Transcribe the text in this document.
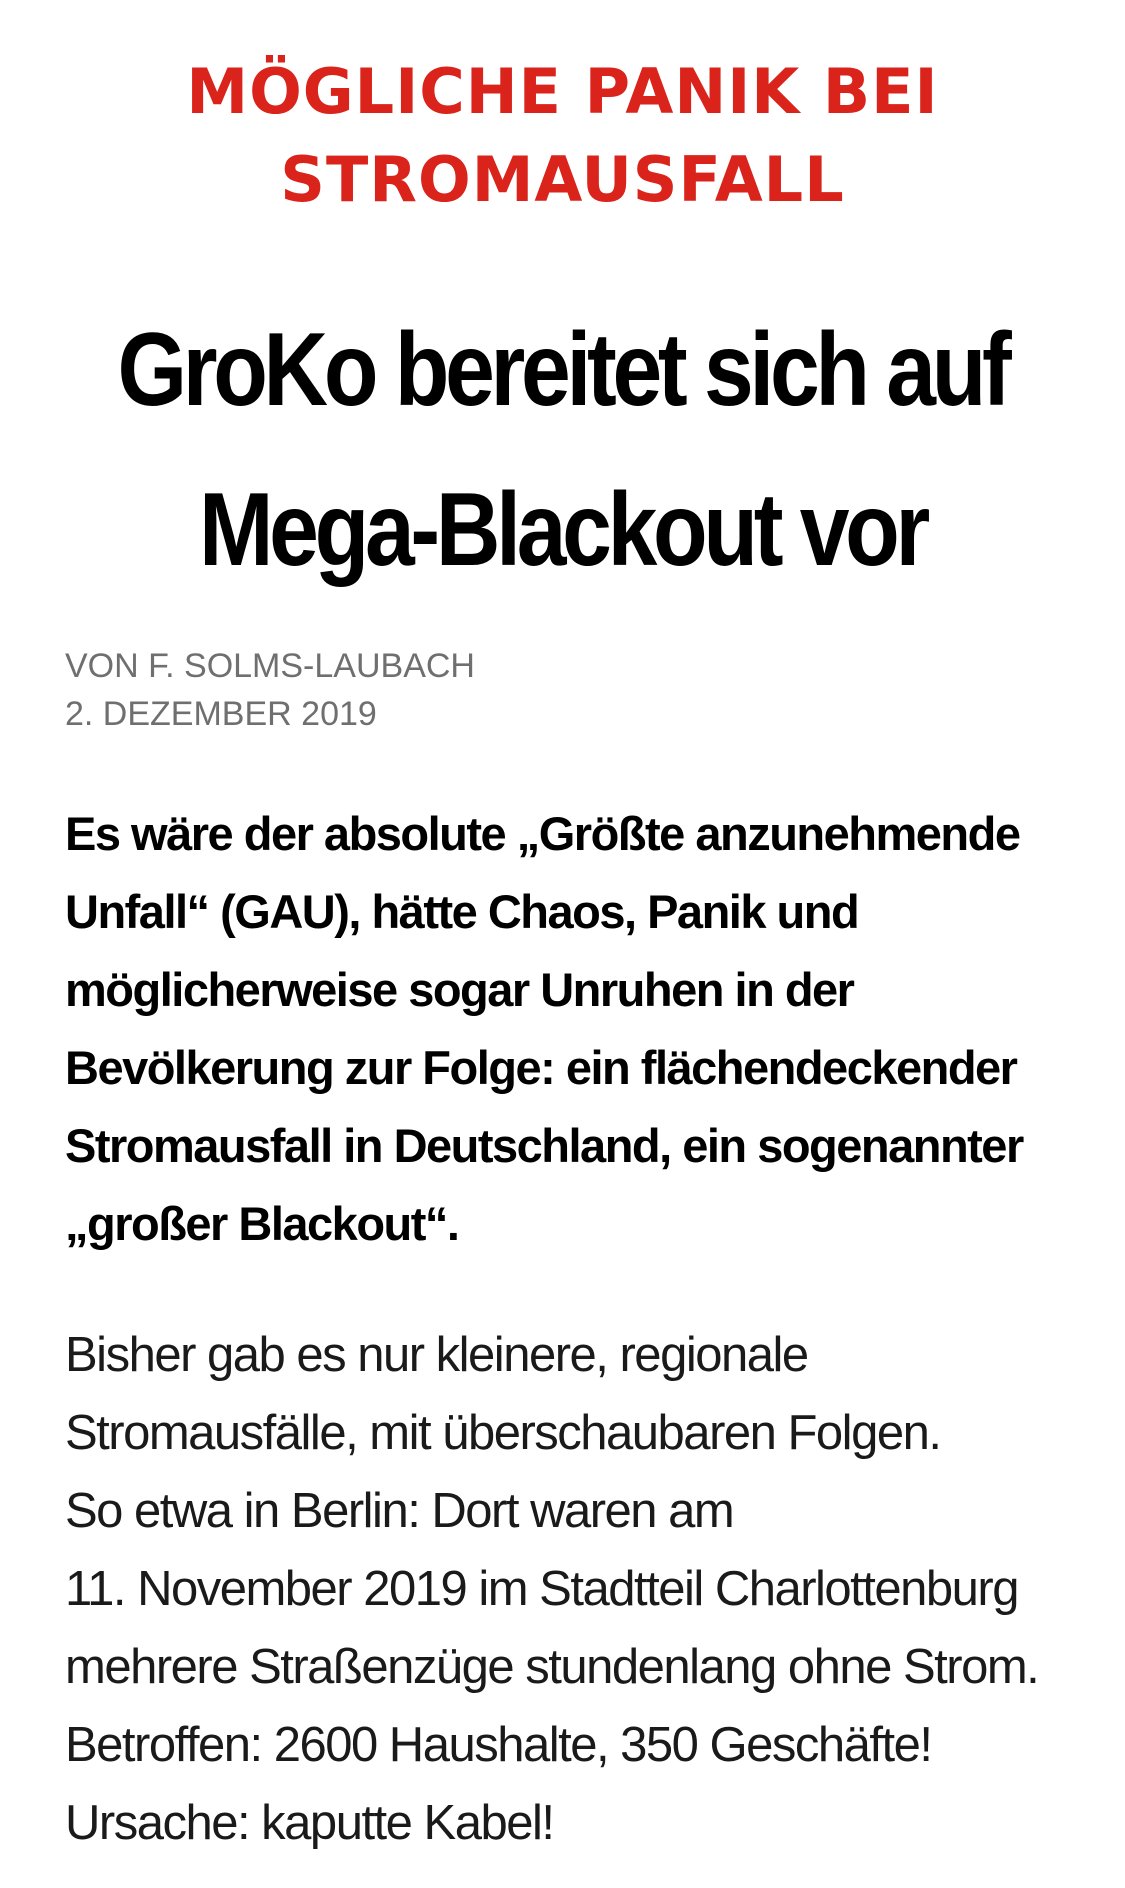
MÖGLICHE PANIK BEI
STROMAUSFALL
GroKo bereitet sich auf
Mega-Blackout vor
VON F. SOLMS-LAUBACH
2. DEZEMBER 2019
Es wäre der absolute „Größte anzunehmende
Unfall“ (GAU), hätte Chaos, Panik und
möglicherweise sogar Unruhen in der
Bevölkerung zur Folge: ein flächendeckender
Stromausfall in Deutschland, ein sogenannter
„großer Blackout“.
Bisher gab es nur kleinere, regionale
Stromausfälle, mit überschaubaren Folgen.
So etwa in Berlin: Dort waren am
11. November 2019 im Stadtteil Charlottenburg
mehrere Straßenzüge stundenlang ohne Strom.
Betroffen: 2600 Haushalte, 350 Geschäfte!
Ursache: kaputte Kabel!
